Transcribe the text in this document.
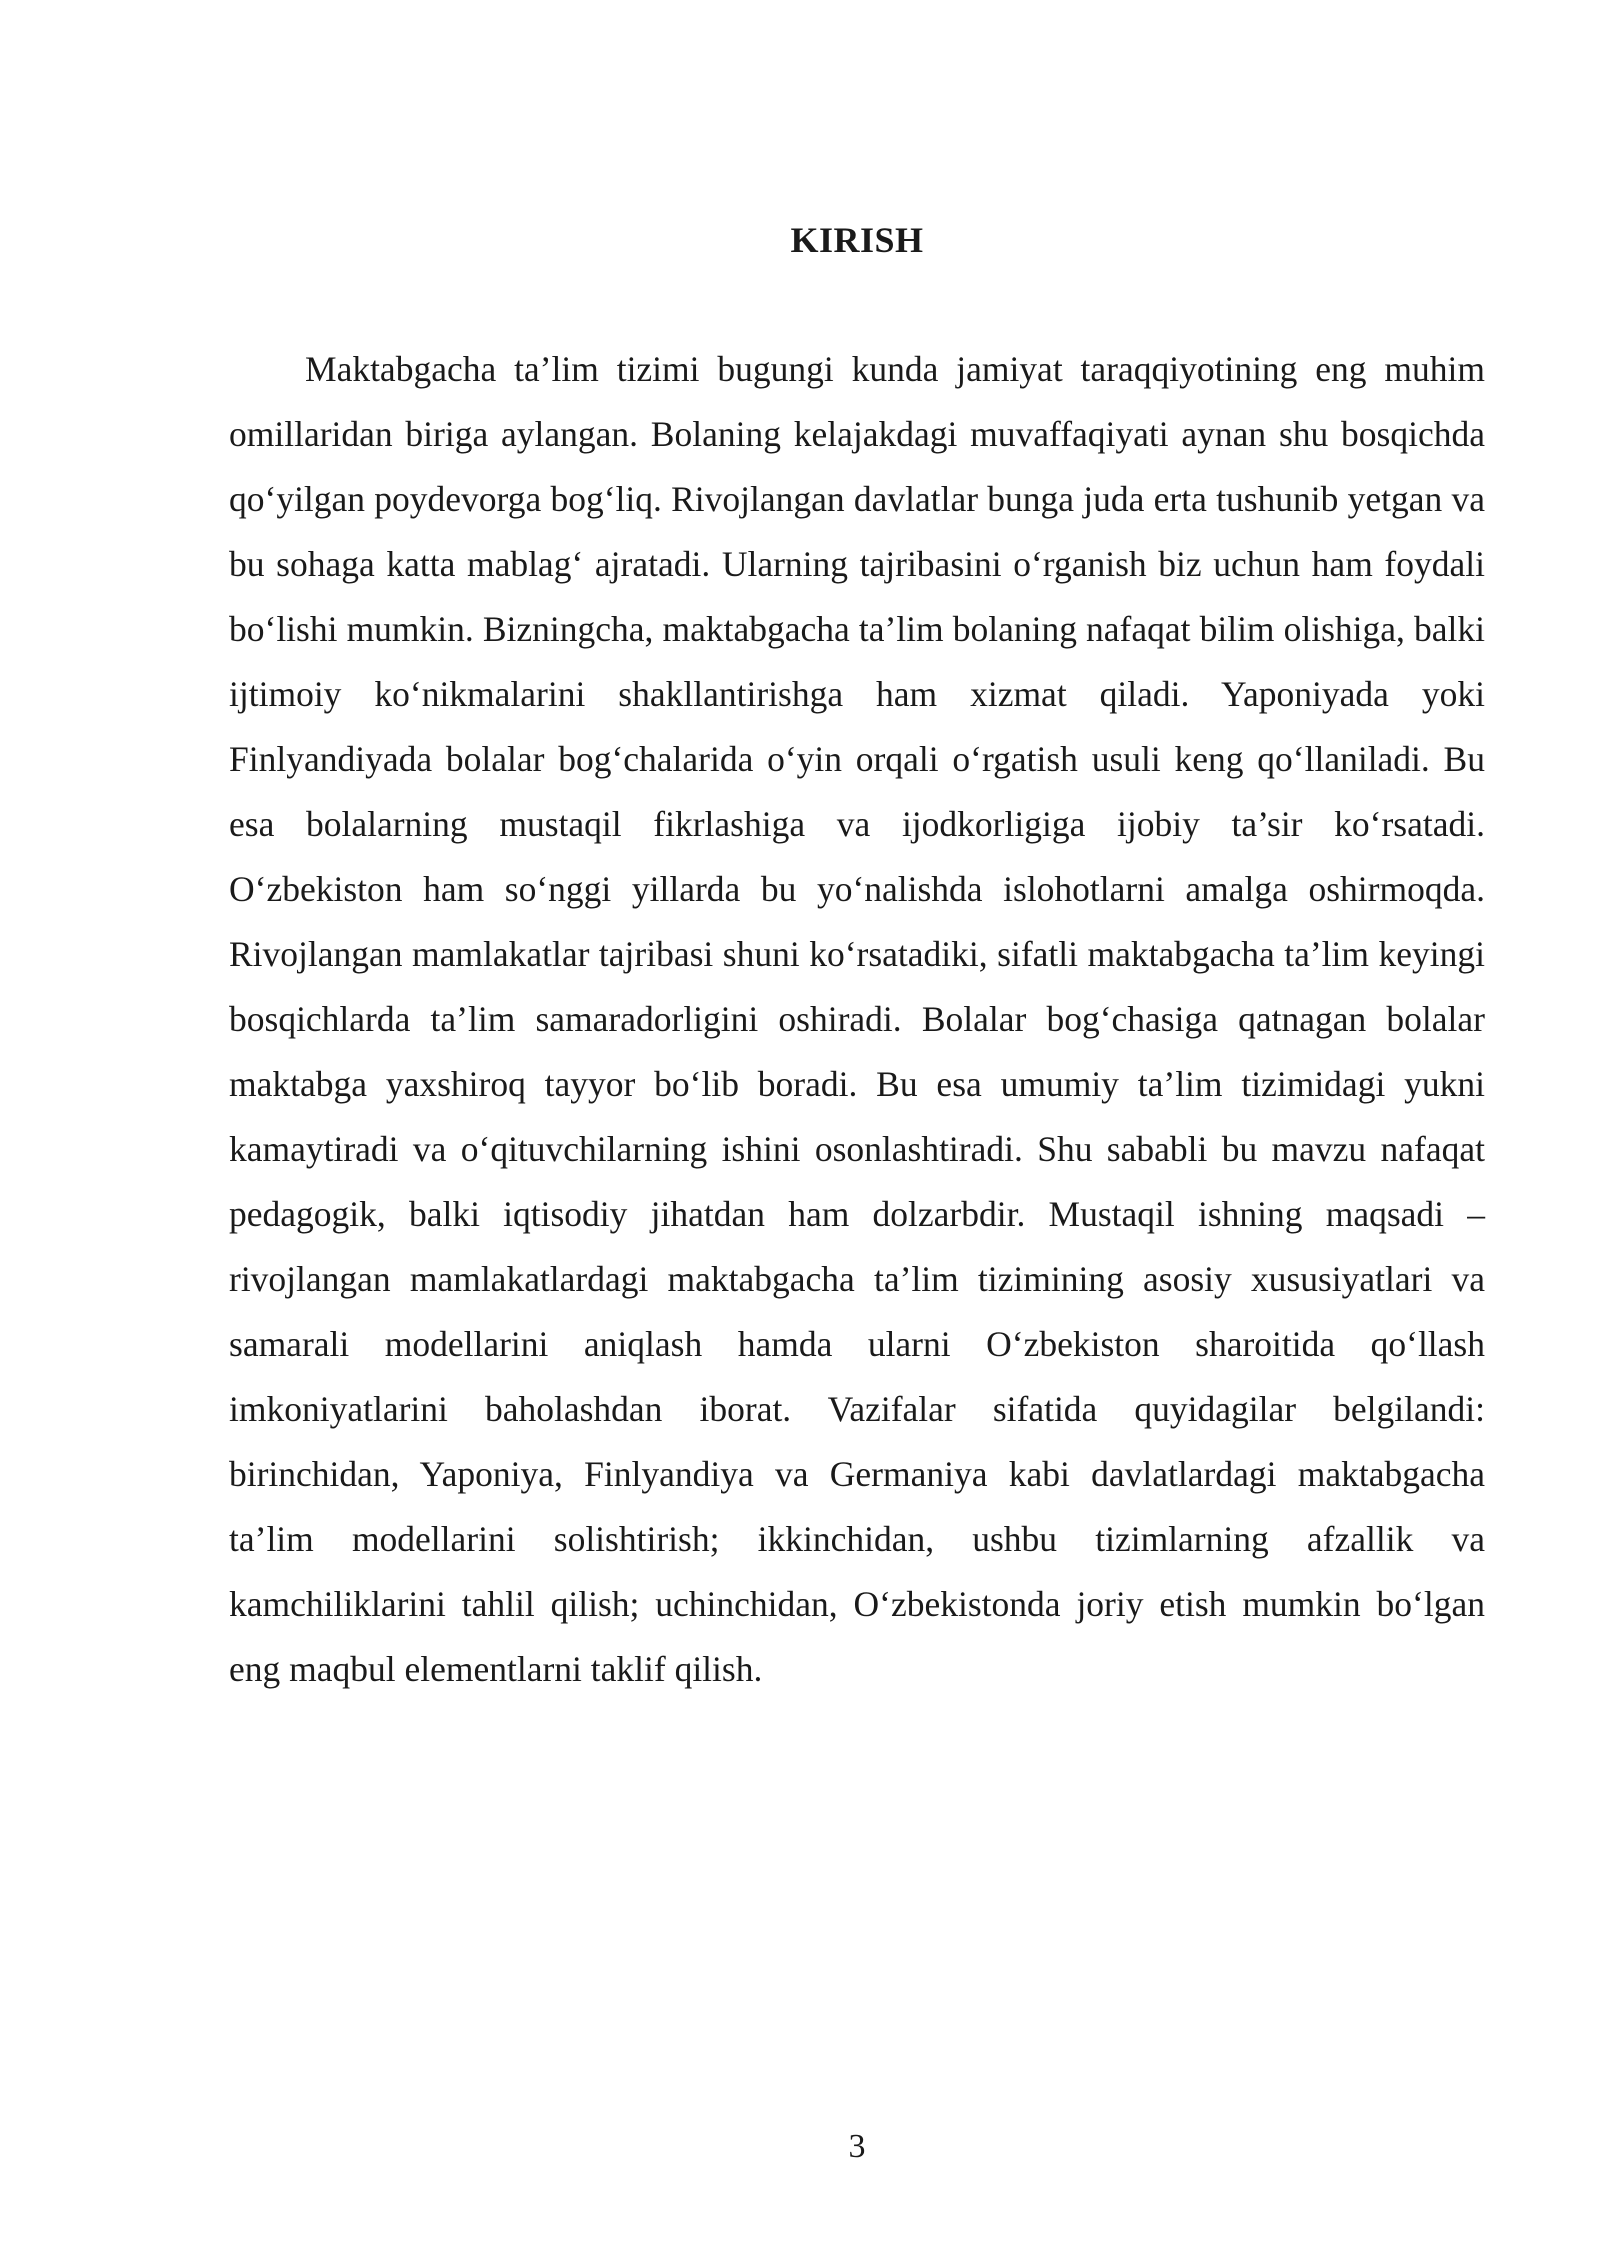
KIRISH

Maktabgacha ta’lim tizimi bugungi kunda jamiyat taraqqiyotining eng muhim omillaridan biriga aylangan. Bolaning kelajakdagi muvaffaqiyati aynan shu bosqichda qo‘yilgan poydevorga bog‘liq. Rivojlangan davlatlar bunga juda erta tushunib yetgan va bu sohaga katta mablag‘ ajratadi. Ularning tajribasini o‘rganish biz uchun ham foydali bo‘lishi mumkin. Bizningcha, maktabgacha ta’lim bolaning nafaqat bilim olishiga, balki ijtimoiy ko‘nikmalarini shakllantirishga ham xizmat qiladi. Yaponiyada yoki Finlyandiyada bolalar bog‘chalarida o‘yin orqali o‘rgatish usuli keng qo‘llaniladi. Bu esa bolalarning mustaqil fikrlashiga va ijodkorligiga ijobiy ta’sir ko‘rsatadi. O‘zbekiston ham so‘nggi yillarda bu yo‘nalishda islohotlarni amalga oshirmoqda. Rivojlangan mamlakatlar tajribasi shuni ko‘rsatadiki, sifatli maktabgacha ta’lim keyingi bosqichlarda ta’lim samaradorligini oshiradi. Bolalar bog‘chasiga qatnagan bolalar maktabga yaxshiroq tayyor bo‘lib boradi. Bu esa umumiy ta’lim tizimidagi yukni kamaytiradi va o‘qituvchilarning ishini osonlashtiradi. Shu sababli bu mavzu nafaqat pedagogik, balki iqtisodiy jihatdan ham dolzarbdir. Mustaqil ishning maqsadi – rivojlangan mamlakatlardagi maktabgacha ta’lim tizimining asosiy xususiyatlari va samarali modellarini aniqlash hamda ularni O‘zbekiston sharoitida qo‘llash imkoniyatlarini baholashdan iborat. Vazifalar sifatida quyidagilar belgilandi: birinchidan, Yaponiya, Finlyandiya va Germaniya kabi davlatlardagi maktabgacha ta’lim modellarini solishtirish; ikkinchidan, ushbu tizimlarning afzallik va kamchiliklarini tahlil qilish; uchinchidan, O‘zbekistonda joriy etish mumkin bo‘lgan eng maqbul elementlarni taklif qilish.

3
